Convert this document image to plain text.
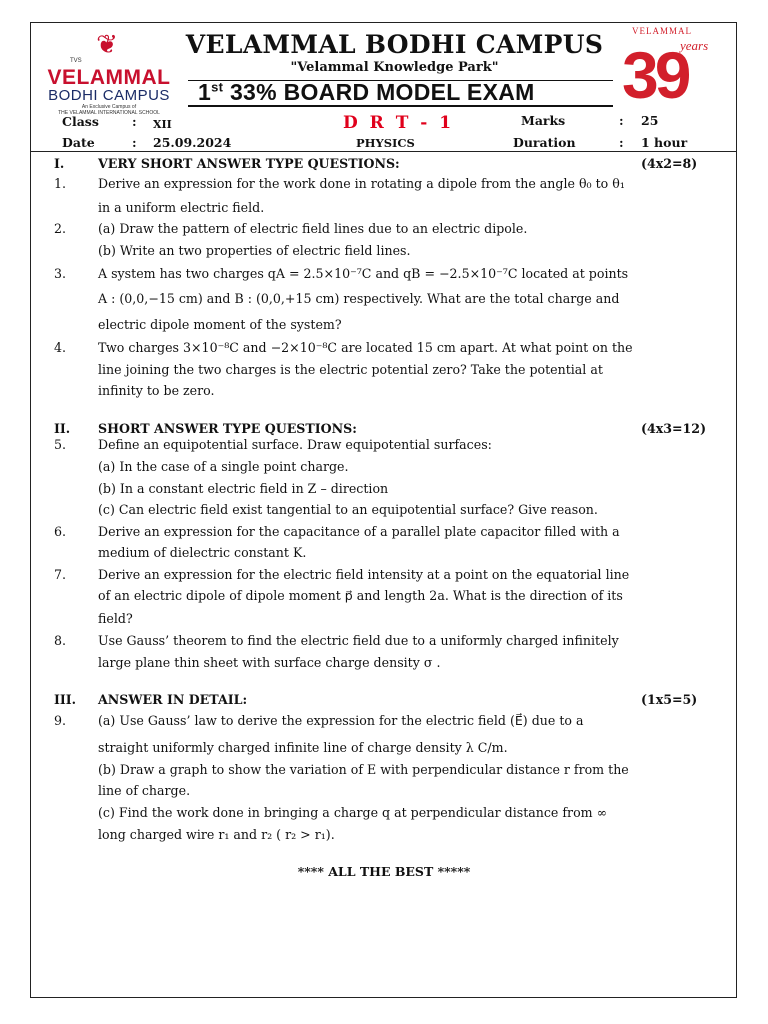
❦
TVS
VELAMMAL
BODHI CAMPUS
An Exclusive Campus of
THE VELAMMAL INTERNATIONAL SCHOOL
VELAMMAL BODHI CAMPUS
"Velammal Knowledge Park"
1st 33% BOARD MODEL EXAM
VELAMMAL
years
39
Class	: XII	D R T - 1	Marks	: 25
Date	: 25.09.2024	PHYSICS	Duration	: 1 hour
I.	VERY SHORT ANSWER TYPE QUESTIONS:	(4x2=8)
1.	Derive an expression for the work done in rotating a dipole from the angle θ₀ to θ₁
in a uniform electric field.
2.	(a) Draw the pattern of electric field lines due to an electric dipole.
(b) Write an two properties of electric field lines.
3.	A system has two charges qA = 2.5×10⁻⁷C and qB = −2.5×10⁻⁷C located at points
A : (0,0,−15 cm) and B : (0,0,+15 cm) respectively. What are the total charge and
electric dipole moment of the system?
4.	Two charges 3×10⁻⁸C and −2×10⁻⁸C are located 15 cm apart. At what point on the
line joining the two charges is the electric potential zero? Take the potential at
infinity to be zero.
II. SHORT ANSWER TYPE QUESTIONS:	(4x3=12)
5.	Define an equipotential surface. Draw equipotential surfaces:
(a) In the case of a single point charge.
(b) In a constant electric field in Z – direction
(c) Can electric field exist tangential to an equipotential surface? Give reason.
6.	Derive an expression for the capacitance of a parallel plate capacitor filled with a
medium of dielectric constant K.
7.	Derive an expression for the electric field intensity at a point on the equatorial line
of an electric dipole of dipole moment p⃗ and length 2a. What is the direction of its
field?
8.	Use Gauss’ theorem to find the electric field due to a uniformly charged infinitely
large plane thin sheet with surface charge density σ .
III. ANSWER IN DETAIL:	(1x5=5)
9.	(a) Use Gauss’ law to derive the expression for the electric field (E⃗) due to a
straight uniformly charged infinite line of charge density λ C/m.
(b) Draw a graph to show the variation of E with perpendicular distance r from the
line of charge.
(c) Find the work done in bringing a charge q at perpendicular distance from ∞
long charged wire r₁ and r₂ ( r₂ > r₁).
**** ALL THE BEST *****
